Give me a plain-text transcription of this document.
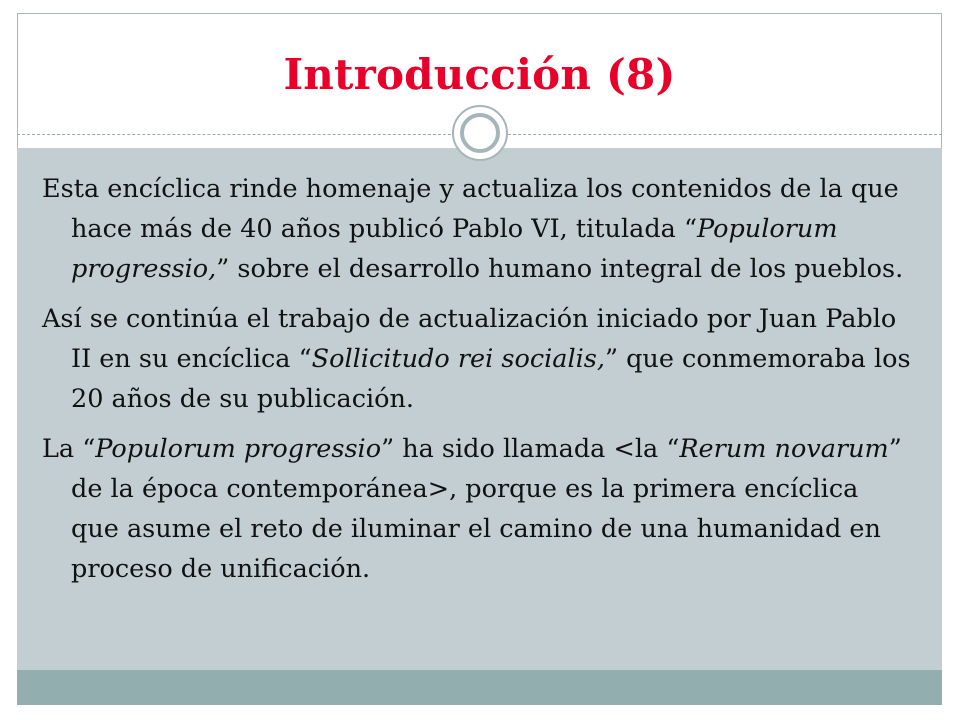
Introducción (8)

Esta encíclica rinde homenaje y actualiza los contenidos de la que hace más de 40 años publicó Pablo VI, titulada “Populorum progressio,” sobre el desarrollo humano integral de los pueblos.

Así se continúa el trabajo de actualización iniciado por Juan Pablo II en su encíclica “Sollicitudo rei socialis,” que conmemoraba los 20 años de su publicación.

La “Populorum progressio” ha sido llamada <la “Rerum novarum” de la época contemporánea>, porque es la primera encíclica que asume el reto de iluminar el camino de una humanidad en proceso de unificación.
